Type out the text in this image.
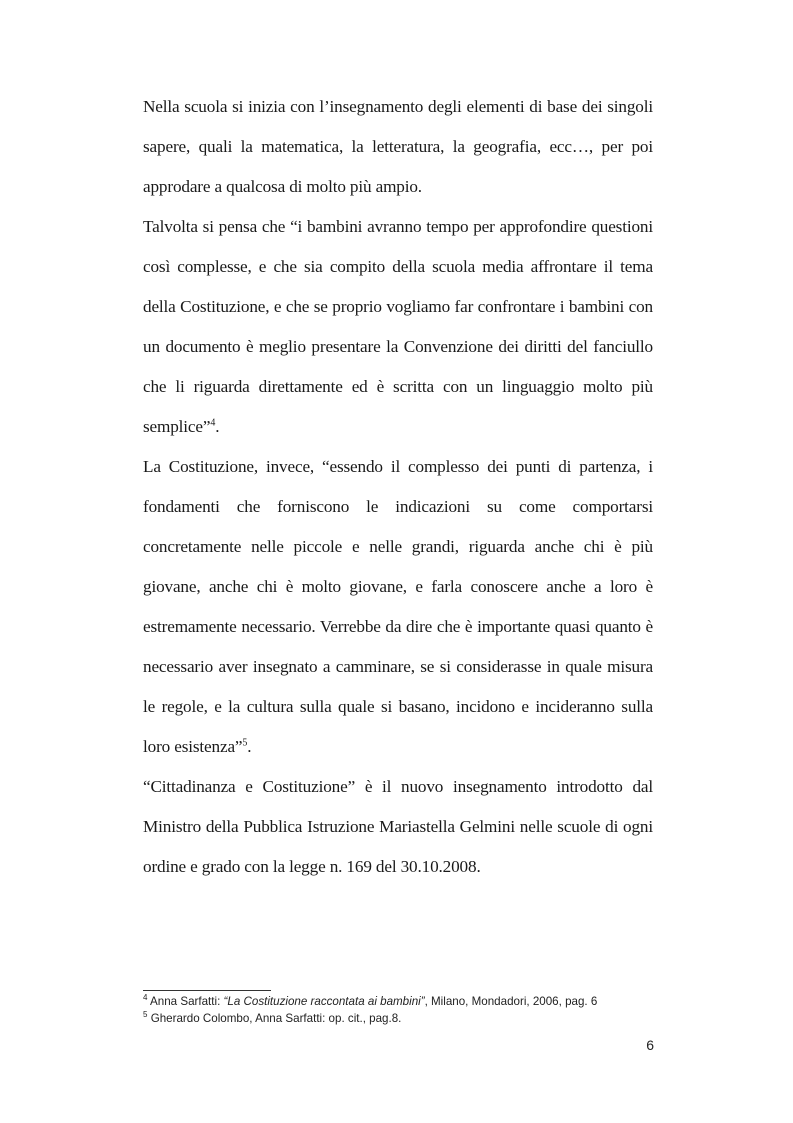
Nella scuola si inizia con l’insegnamento degli elementi di base dei singoli sapere, quali la matematica, la letteratura, la geografia, ecc…, per poi approdare a qualcosa di molto più ampio.

Talvolta si pensa che “i bambini avranno tempo per approfondire questioni così complesse, e che sia compito della scuola media affrontare il tema della Costituzione, e che se proprio vogliamo far confrontare i bambini con un documento è meglio presentare la Convenzione dei diritti del fanciullo che li riguarda direttamente ed è scritta con un linguaggio molto più semplice”$^4$.

La Costituzione, invece, “essendo il complesso dei punti di partenza, i fondamenti che forniscono le indicazioni su come comportarsi concretamente nelle piccole e nelle grandi, riguarda anche chi è più giovane, anche chi è molto giovane, e farla conoscere anche a loro è estremamente necessario. Verrebbe da dire che è importante quasi quanto è necessario aver insegnato a camminare, se si considerasse in quale misura le regole, e la cultura sulla quale si basano, incidono e incideranno sulla loro esistenza”$^5$.

“Cittadinanza e Costituzione” è il nuovo insegnamento introdotto dal Ministro della Pubblica Istruzione Mariastella Gelmini nelle scuole di ogni ordine e grado con la legge n. 169 del 30.10.2008.

$^4$ Anna Sarfatti: “La Costituzione raccontata ai bambini”, Milano, Mondadori, 2006, pag. 6
$^5$ Gherardo Colombo, Anna Sarfatti: op. cit., pag.8.
6
